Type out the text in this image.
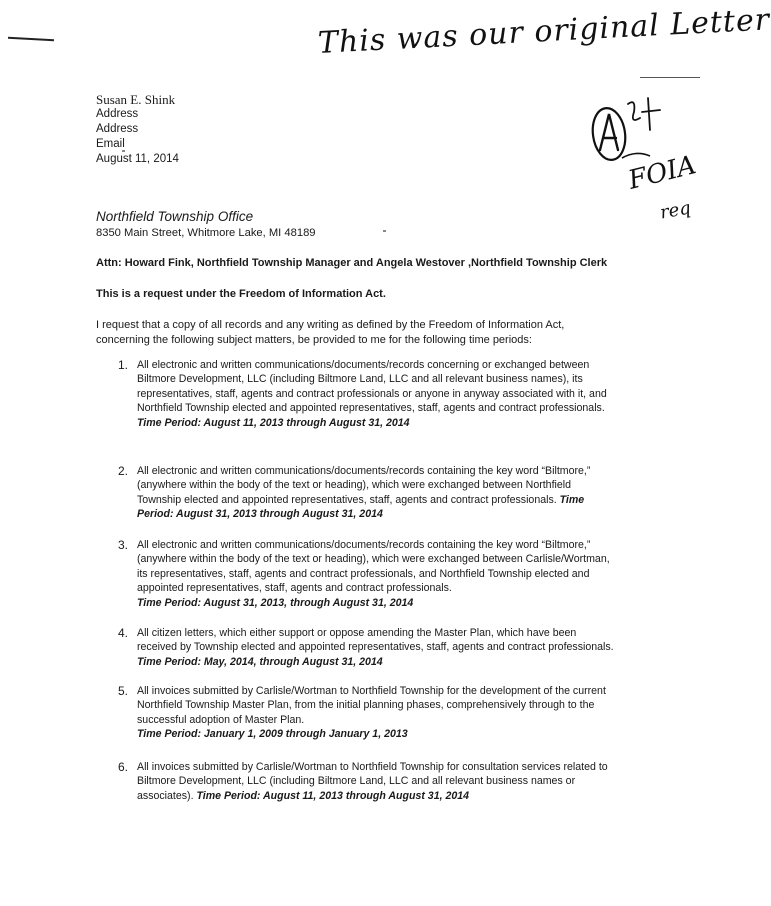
This was our original Letter
FOIA
req
Susan E. Shink
Address
Address
Email
August 11, 2014
Northfield Township Office
8350 Main Street, Whitmore Lake, MI 48189
Attn: Howard Fink, Northfield Township Manager and Angela Westover ,Northfield Township Clerk
This is a request under the Freedom of Information Act.
I request that a copy of all records and any writing as defined by the Freedom of Information Act, concerning the following subject matters, be provided to me for the following time periods:
1. All electronic and written communications/documents/records concerning or exchanged between Biltmore Development, LLC (including Biltmore Land, LLC and all relevant business names), its representatives, staff, agents and contract professionals or anyone in anyway associated with it, and Northfield Township elected and appointed representatives, staff, agents and contract professionals.
Time Period: August 11, 2013 through August 31, 2014
2. All electronic and written communications/documents/records containing the key word “Biltmore,” (anywhere within the body of the text or heading), which were exchanged between Northfield Township elected and appointed representatives, staff, agents and contract professionals. Time Period: August 31, 2013 through August 31, 2014
3. All electronic and written communications/documents/records containing the key word “Biltmore,” (anywhere within the body of the text or heading), which were exchanged between Carlisle/Wortman, its representatives, staff, agents and contract professionals, and Northfield Township elected and appointed representatives, staff, agents and contract professionals.
Time Period: August 31, 2013, through August 31, 2014
4. All citizen letters, which either support or oppose amending the Master Plan, which have been received by Township elected and appointed representatives, staff, agents and contract professionals. Time Period: May, 2014, through August 31, 2014
5. All invoices submitted by Carlisle/Wortman to Northfield Township for the development of the current Northfield Township Master Plan, from the initial planning phases, comprehensively through to the successful adoption of Master Plan.
Time Period: January 1, 2009 through January 1, 2013
6. All invoices submitted by Carlisle/Wortman to Northfield Township for consultation services related to Biltmore Development, LLC (including Biltmore Land, LLC and all relevant business names or associates). Time Period: August 11, 2013 through August 31, 2014
